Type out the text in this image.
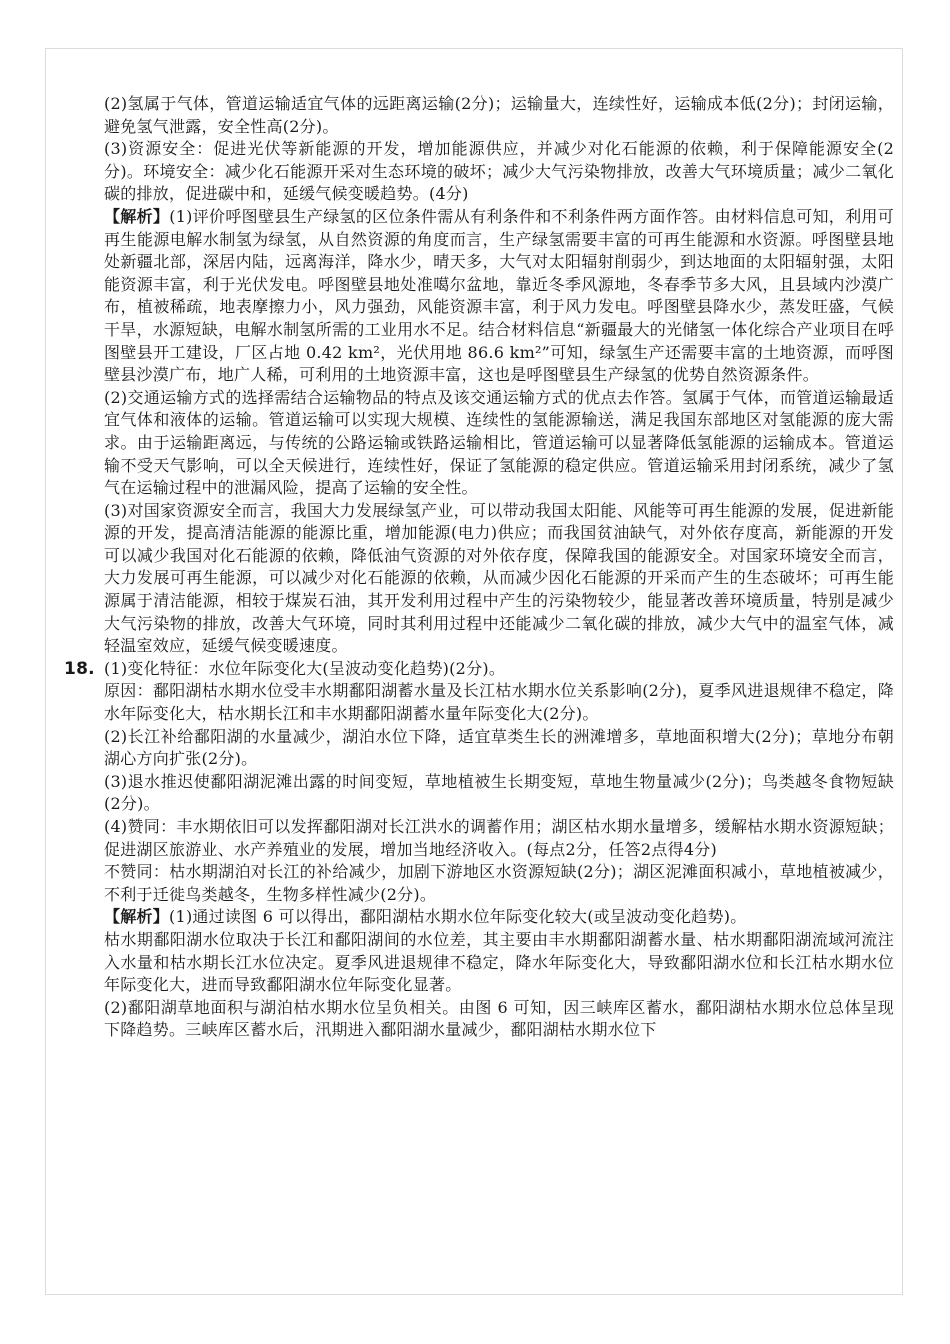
(2)氢属于气体，管道运输适宜气体的远距离运输(2分)；运输量大，连续性好，运输成本低(2分)；封闭运输，避免氢气泄露，安全性高(2分)。

(3)资源安全：促进光伏等新能源的开发，增加能源供应，并减少对化石能源的依赖，利于保障能源安全(2分)。环境安全：减少化石能源开采对生态环境的破坏；减少大气污染物排放，改善大气环境质量；减少二氧化碳的排放，促进碳中和，延缓气候变暖趋势。(4分)

【解析】(1)评价呼图壁县生产绿氢的区位条件需从有利条件和不利条件两方面作答。由材料信息可知，利用可再生能源电解水制氢为绿氢，从自然资源的角度而言，生产绿氢需要丰富的可再生能源和水资源。呼图壁县地处新疆北部，深居内陆，远离海洋，降水少，晴天多，大气对太阳辐射削弱少，到达地面的太阳辐射强，太阳能资源丰富，利于光伏发电。呼图壁县地处准噶尔盆地，靠近冬季风源地，冬春季节多大风，且县域内沙漠广布，植被稀疏，地表摩擦力小，风力强劲，风能资源丰富，利于风力发电。呼图壁县降水少，蒸发旺盛，气候干旱，水源短缺，电解水制氢所需的工业用水不足。结合材料信息“新疆最大的光储氢一体化综合产业项目在呼图壁县开工建设，厂区占地 0.42 km²，光伏用地 86.6 km²”可知，绿氢生产还需要丰富的土地资源，而呼图壁县沙漠广布，地广人稀，可利用的土地资源丰富，这也是呼图壁县生产绿氢的优势自然资源条件。

(2)交通运输方式的选择需结合运输物品的特点及该交通运输方式的优点去作答。氢属于气体，而管道运输最适宜气体和液体的运输。管道运输可以实现大规模、连续性的氢能源输送，满足我国东部地区对氢能源的庞大需求。由于运输距离远，与传统的公路运输或铁路运输相比，管道运输可以显著降低氢能源的运输成本。管道运输不受天气影响，可以全天候进行，连续性好，保证了氢能源的稳定供应。管道运输采用封闭系统，减少了氢气在运输过程中的泄漏风险，提高了运输的安全性。

(3)对国家资源安全而言，我国大力发展绿氢产业，可以带动我国太阳能、风能等可再生能源的发展，促进新能源的开发，提高清洁能源的能源比重，增加能源(电力)供应；而我国贫油缺气，对外依存度高，新能源的开发可以减少我国对化石能源的依赖，降低油气资源的对外依存度，保障我国的能源安全。对国家环境安全而言，大力发展可再生能源，可以减少对化石能源的依赖，从而减少因化石能源的开采而产生的生态破坏；可再生能源属于清洁能源，相较于煤炭石油，其开发利用过程中产生的污染物较少，能显著改善环境质量，特别是减少大气污染物的排放，改善大气环境，同时其利用过程中还能减少二氧化碳的排放，减少大气中的温室气体，减轻温室效应，延缓气候变暖速度。

18. (1)变化特征：水位年际变化大(呈波动变化趋势)(2分)。

原因：鄱阳湖枯水期水位受丰水期鄱阳湖蓄水量及长江枯水期水位关系影响(2分)，夏季风进退规律不稳定，降水年际变化大，枯水期长江和丰水期鄱阳湖蓄水量年际变化大(2分)。

(2)长江补给鄱阳湖的水量减少，湖泊水位下降，适宜草类生长的洲滩增多，草地面积增大(2分)；草地分布朝湖心方向扩张(2分)。

(3)退水推迟使鄱阳湖泥滩出露的时间变短，草地植被生长期变短，草地生物量减少(2分)；鸟类越冬食物短缺(2分)。

(4)赞同：丰水期依旧可以发挥鄱阳湖对长江洪水的调蓄作用；湖区枯水期水量增多，缓解枯水期水资源短缺；促进湖区旅游业、水产养殖业的发展，增加当地经济收入。(每点2分，任答2点得4分)

不赞同：枯水期湖泊对长江的补给减少，加剧下游地区水资源短缺(2分)；湖区泥滩面积减小，草地植被减少，不利于迁徙鸟类越冬，生物多样性减少(2分)。

【解析】(1)通过读图 6 可以得出，鄱阳湖枯水期水位年际变化较大(或呈波动变化趋势)。

枯水期鄱阳湖水位取决于长江和鄱阳湖间的水位差，其主要由丰水期鄱阳湖蓄水量、枯水期鄱阳湖流域河流注入水量和枯水期长江水位决定。夏季风进退规律不稳定，降水年际变化大，导致鄱阳湖水位和长江枯水期水位年际变化大，进而导致鄱阳湖水位年际变化显著。

(2)鄱阳湖草地面积与湖泊枯水期水位呈负相关。由图 6 可知，因三峡库区蓄水，鄱阳湖枯水期水位总体呈现下降趋势。三峡库区蓄水后，汛期进入鄱阳湖水量减少，鄱阳湖枯水期水位下
